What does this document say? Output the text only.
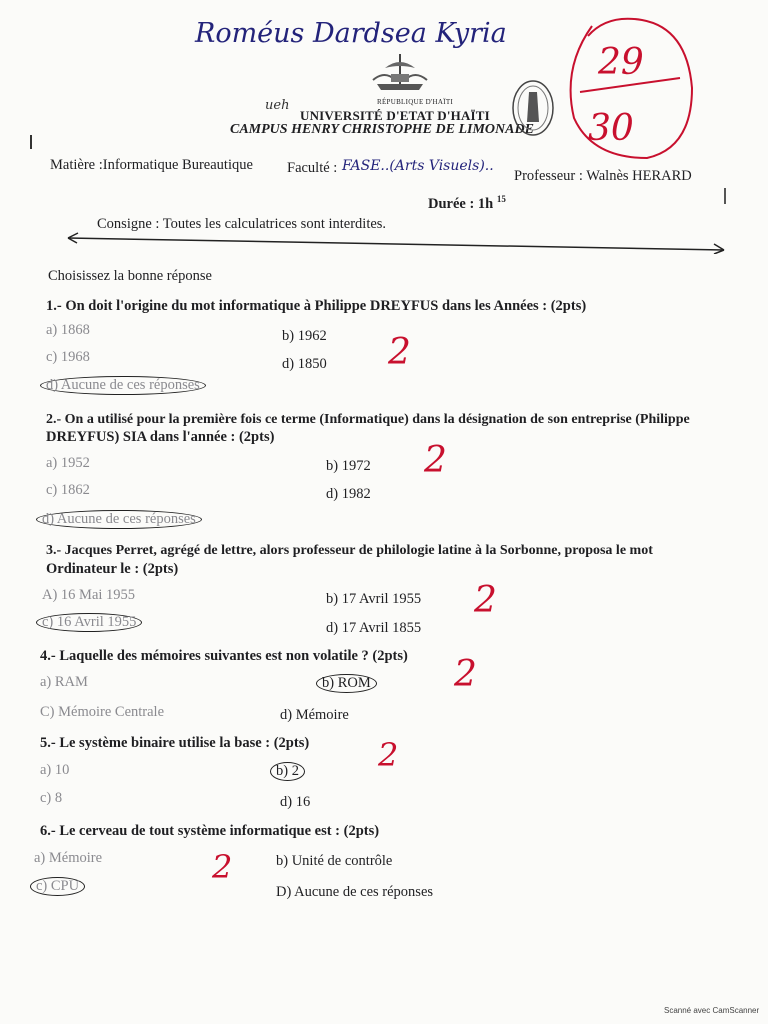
Roméus Dardsea Kyria
RÉPUBLIQUE D'HAÏTI
ueh
UNIVERSITÉ D'ETAT D'HAÏTI
CAMPUS HENRY CHRISTOPHE DE LIMONADE
29
30
Matière :Informatique Bureautique Faculté : FASE..(Arts Visuels)..
Professeur : Walnès HERARD
Durée : 1h $^{15}$
Consigne : Toutes les calculatrices sont interdites.
Choisissez la bonne réponse
1.- On doit l'origine du mot informatique à Philippe DREYFUS dans les Années : (2pts)
a) 1868	b) 1962
c) 1968	d) 1850
d) Aucune de ces réponses
2
2.- On a utilisé pour la première fois ce terme (Informatique) dans la désignation de son entreprise (Philippe
DREYFUS) SIA dans l'année : (2pts)
a) 1952	b) 1972
c) 1862	d) 1982
d) Aucune de ces réponses
2
3.- Jacques Perret, agrégé de lettre, alors professeur de philologie latine à la Sorbonne, proposa le mot
Ordinateur le : (2pts)
A) 16 Mai 1955	b) 17 Avril 1955
c) 16 Avril 1955	d) 17 Avril 1855
2
4.- Laquelle des mémoires suivantes est non volatile ? (2pts)
a) RAM	b) ROM
C) Mémoire Centrale	d) Mémoire
2
5.- Le système binaire utilise la base : (2pts)
a) 10	b) 2
c) 8	d) 16
2
6.- Le cerveau de tout système informatique est : (2pts)
a) Mémoire	b) Unité de contrôle
c) CPU	D) Aucune de ces réponses
2
Scanné avec CamScanner
